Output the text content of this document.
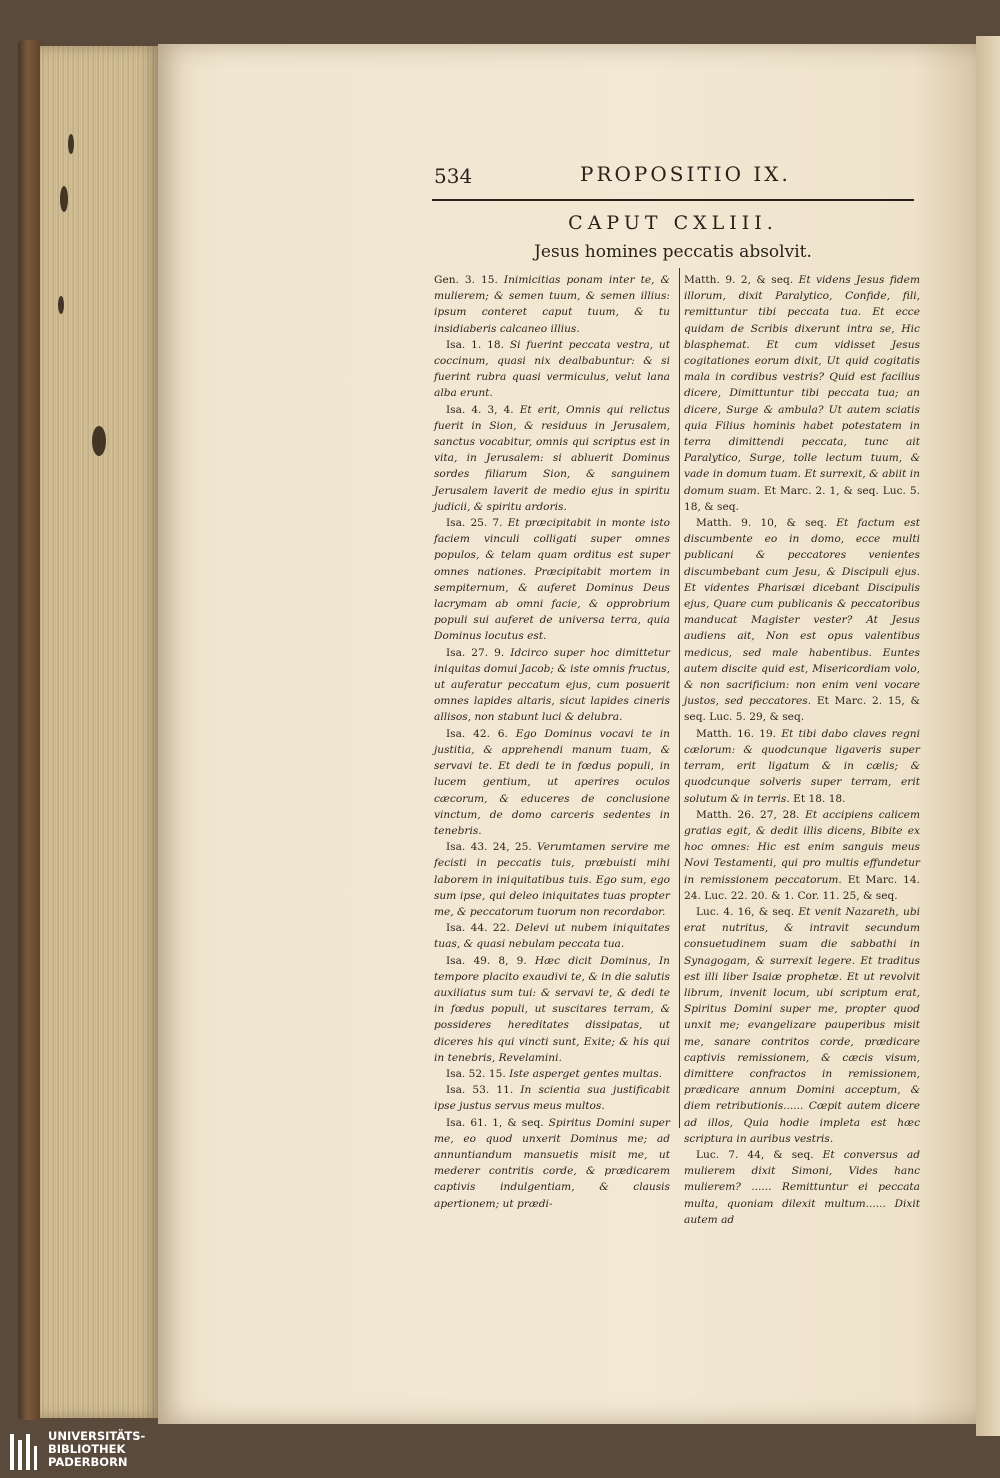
534	PROPOSITIO IX.
CAPUT CXLIII.
Jesus homines peccatis absolvit.

Gen. 3. 15. Inimicitias ponam inter te, & mulierem; & semen tuum, & semen illius: ipsum conteret caput tuum, & tu insidiaberis calcaneo illius.

Isa. 1. 18. Si fuerint peccata vestra, ut coccinum, quasi nix dealbabuntur: & si fuerint rubra quasi vermiculus, velut lana alba erunt.

Isa. 4. 3, 4. Et erit, Omnis qui relictus fuerit in Sion, & residuus in Jerusalem, sanctus vocabitur, omnis qui scriptus est in vita, in Jerusalem: si abluerit Dominus sordes filiarum Sion, & sanguinem Jerusalem laverit de medio ejus in spiritu judicii, & spiritu ardoris.

Isa. 25. 7. Et præcipitabit in monte isto faciem vinculi colligati super omnes populos, & telam quam orditus est super omnes nationes. Præcipitabit mortem in sempiternum, & auferet Dominus Deus lacrymam ab omni facie, & opprobrium populi sui auferet de universa terra, quia Dominus locutus est.

Isa. 27. 9. Idcirco super hoc dimittetur iniquitas domui Jacob; & iste omnis fructus, ut auferatur peccatum ejus, cum posuerit omnes lapides altaris, sicut lapides cineris allisos, non stabunt luci & delubra.

Isa. 42. 6. Ego Dominus vocavi te in justitia, & apprehendi manum tuam, & servavi te. Et dedi te in fœdus populi, in lucem gentium, ut aperires oculos cæcorum, & educeres de conclusione vinctum, de domo carceris sedentes in tenebris.

Isa. 43. 24, 25. Verumtamen servire me fecisti in peccatis tuis, præbuisti mihi laborem in iniquitatibus tuis. Ego sum, ego sum ipse, qui deleo iniquitates tuas propter me, & peccatorum tuorum non recordabor.

Isa. 44. 22. Delevi ut nubem iniquitates tuas, & quasi nebulam peccata tua.

Isa. 49. 8, 9. Hæc dicit Dominus, In tempore placito exaudivi te, & in die salutis auxiliatus sum tui: & servavi te, & dedi te in fœdus populi, ut suscitares terram, & possideres hereditates dissipatas, ut diceres his qui vincti sunt, Exite; & his qui in tenebris, Revelamini.

Isa. 52. 15. Iste asperget gentes multas.

Isa. 53. 11. In scientia sua justificabit ipse justus servus meus multos.

Isa. 61. 1, & seq. Spiritus Domini super me, eo quod unxerit Dominus me; ad annuntiandum mansuetis misit me, ut mederer contritis corde, & prædicarem captivis indulgentiam, & clausis apertionem; ut prædi-

Matth. 9. 2, & seq. Et videns Jesus fidem illorum, dixit Paralytico, Confide, fili, remittuntur tibi peccata tua. Et ecce quidam de Scribis dixerunt intra se, Hic blasphemat. Et cum vidisset Jesus cogitationes eorum dixit, Ut quid cogitatis mala in cordibus vestris? Quid est facilius dicere, Dimittuntur tibi peccata tua; an dicere, Surge & ambula? Ut autem sciatis quia Filius hominis habet potestatem in terra dimittendi peccata, tunc ait Paralytico, Surge, tolle lectum tuum, & vade in domum tuam. Et surrexit, & abiit in domum suam. Et Marc. 2. 1, & seq. Luc. 5. 18, & seq.

Matth. 9. 10, & seq. Et factum est discumbente eo in domo, ecce multi publicani & peccatores venientes discumbebant cum Jesu, & Discipuli ejus. Et videntes Pharisæi dicebant Discipulis ejus, Quare cum publicanis & peccatoribus manducat Magister vester? At Jesus audiens ait, Non est opus valentibus medicus, sed male habentibus. Euntes autem discite quid est, Misericordiam volo, & non sacrificium: non enim veni vocare justos, sed peccatores. Et Marc. 2. 15, & seq. Luc. 5. 29, & seq.

Matth. 16. 19. Et tibi dabo claves regni cælorum: & quodcunque ligaveris super terram, erit ligatum & in cælis; & quodcunque solveris super terram, erit solutum & in terris. Et 18. 18.

Matth. 26. 27, 28. Et accipiens calicem gratias egit, & dedit illis dicens, Bibite ex hoc omnes: Hic est enim sanguis meus Novi Testamenti, qui pro multis effundetur in remissionem peccatorum. Et Marc. 14. 24. Luc. 22. 20. & 1. Cor. 11. 25, & seq.

Luc. 4. 16, & seq. Et venit Nazareth, ubi erat nutritus, & intravit secundum consuetudinem suam die sabbathi in Synagogam, & surrexit legere. Et traditus est illi liber Isaiæ prophetæ. Et ut revolvit librum, invenit locum, ubi scriptum erat, Spiritus Domini super me, propter quod unxit me; evangelizare pauperibus misit me, sanare contritos corde, prædicare captivis remissionem, & cæcis visum, dimittere confractos in remissionem, prædicare annum Domini acceptum, & diem retributionis...... Cœpit autem dicere ad illos, Quia hodie impleta est hæc scriptura in auribus vestris.

Luc. 7. 44, & seq. Et conversus ad mulierem dixit Simoni, Vides hanc mulierem? ...... Remittuntur ei peccata multa, quoniam dilexit multum...... Dixit autem ad

UNIVERSITÄTS-
BIBLIOTHEK
PADERBORN
